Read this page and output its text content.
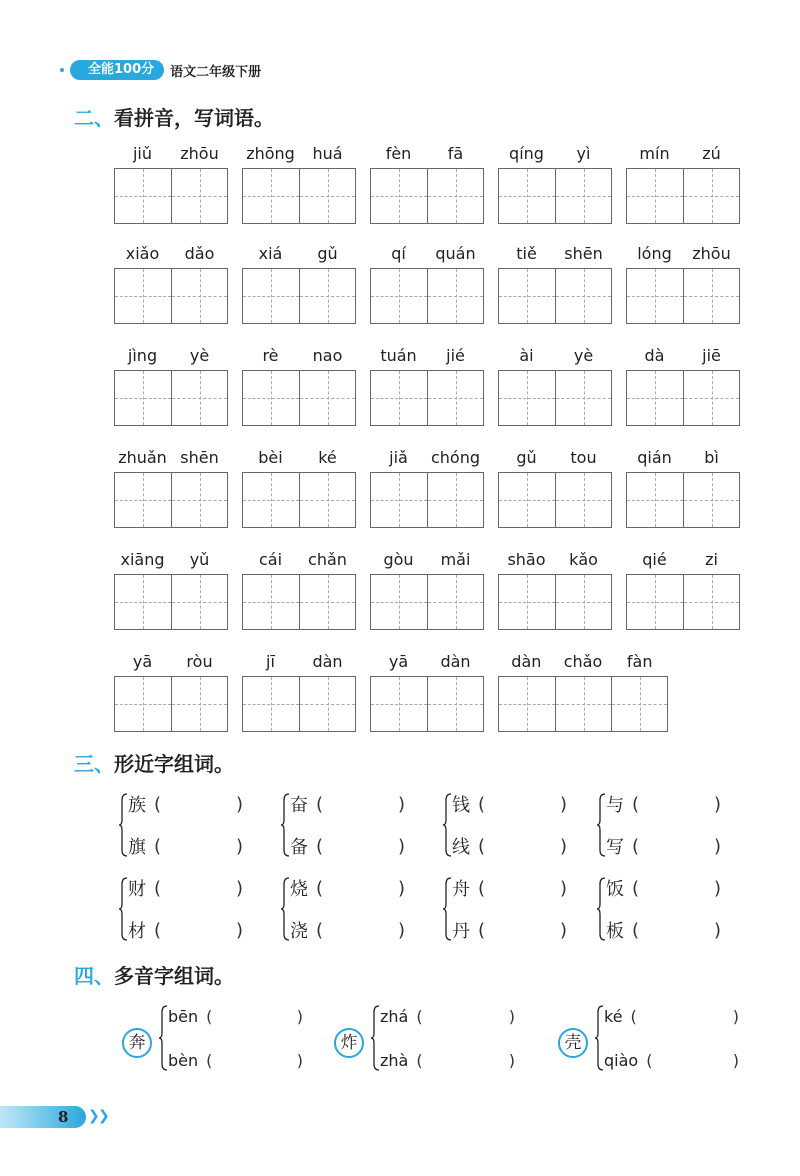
✦ 全能100分	语文二年级下册
二、看拼音，写词语。
jiǔ	zhōu	zhōng	huá	fèn	fā	qíng	yì	mín	zú
xiǎo	dǎo	xiá	gǔ	qí	quán	tiě	shēn	lóng	zhōu
jìng	yè	rè	nao	tuán	jié	ài	yè	dà	jiē
zhuǎn shēn	bèi	ké	jiǎ	chóng	gǔ	tou	qián	bì
xiāng	yǔ	cái	chǎn	gòu	mǎi	shāo	kǎo	qié	zi
yā	ròu	jī	dàn	yā	dàn	dàn	chǎo	fàn
三、形近字组词。
族 (	)
旗 (	)
奋 (	)
备 (	)
钱 (	)
线 (	)
与 (	)
写 (	)
财 (	)
材 (	)
烧 (	)
浇 (	)
舟 (	)
丹 (	)
饭 (	)
板 (	)
四、多音字组词。
奔
bēn (	)
bèn (	)
炸
zhá (	)
zhà (	)
壳
ké (	)
qiào (	)
8 ❯
❯
